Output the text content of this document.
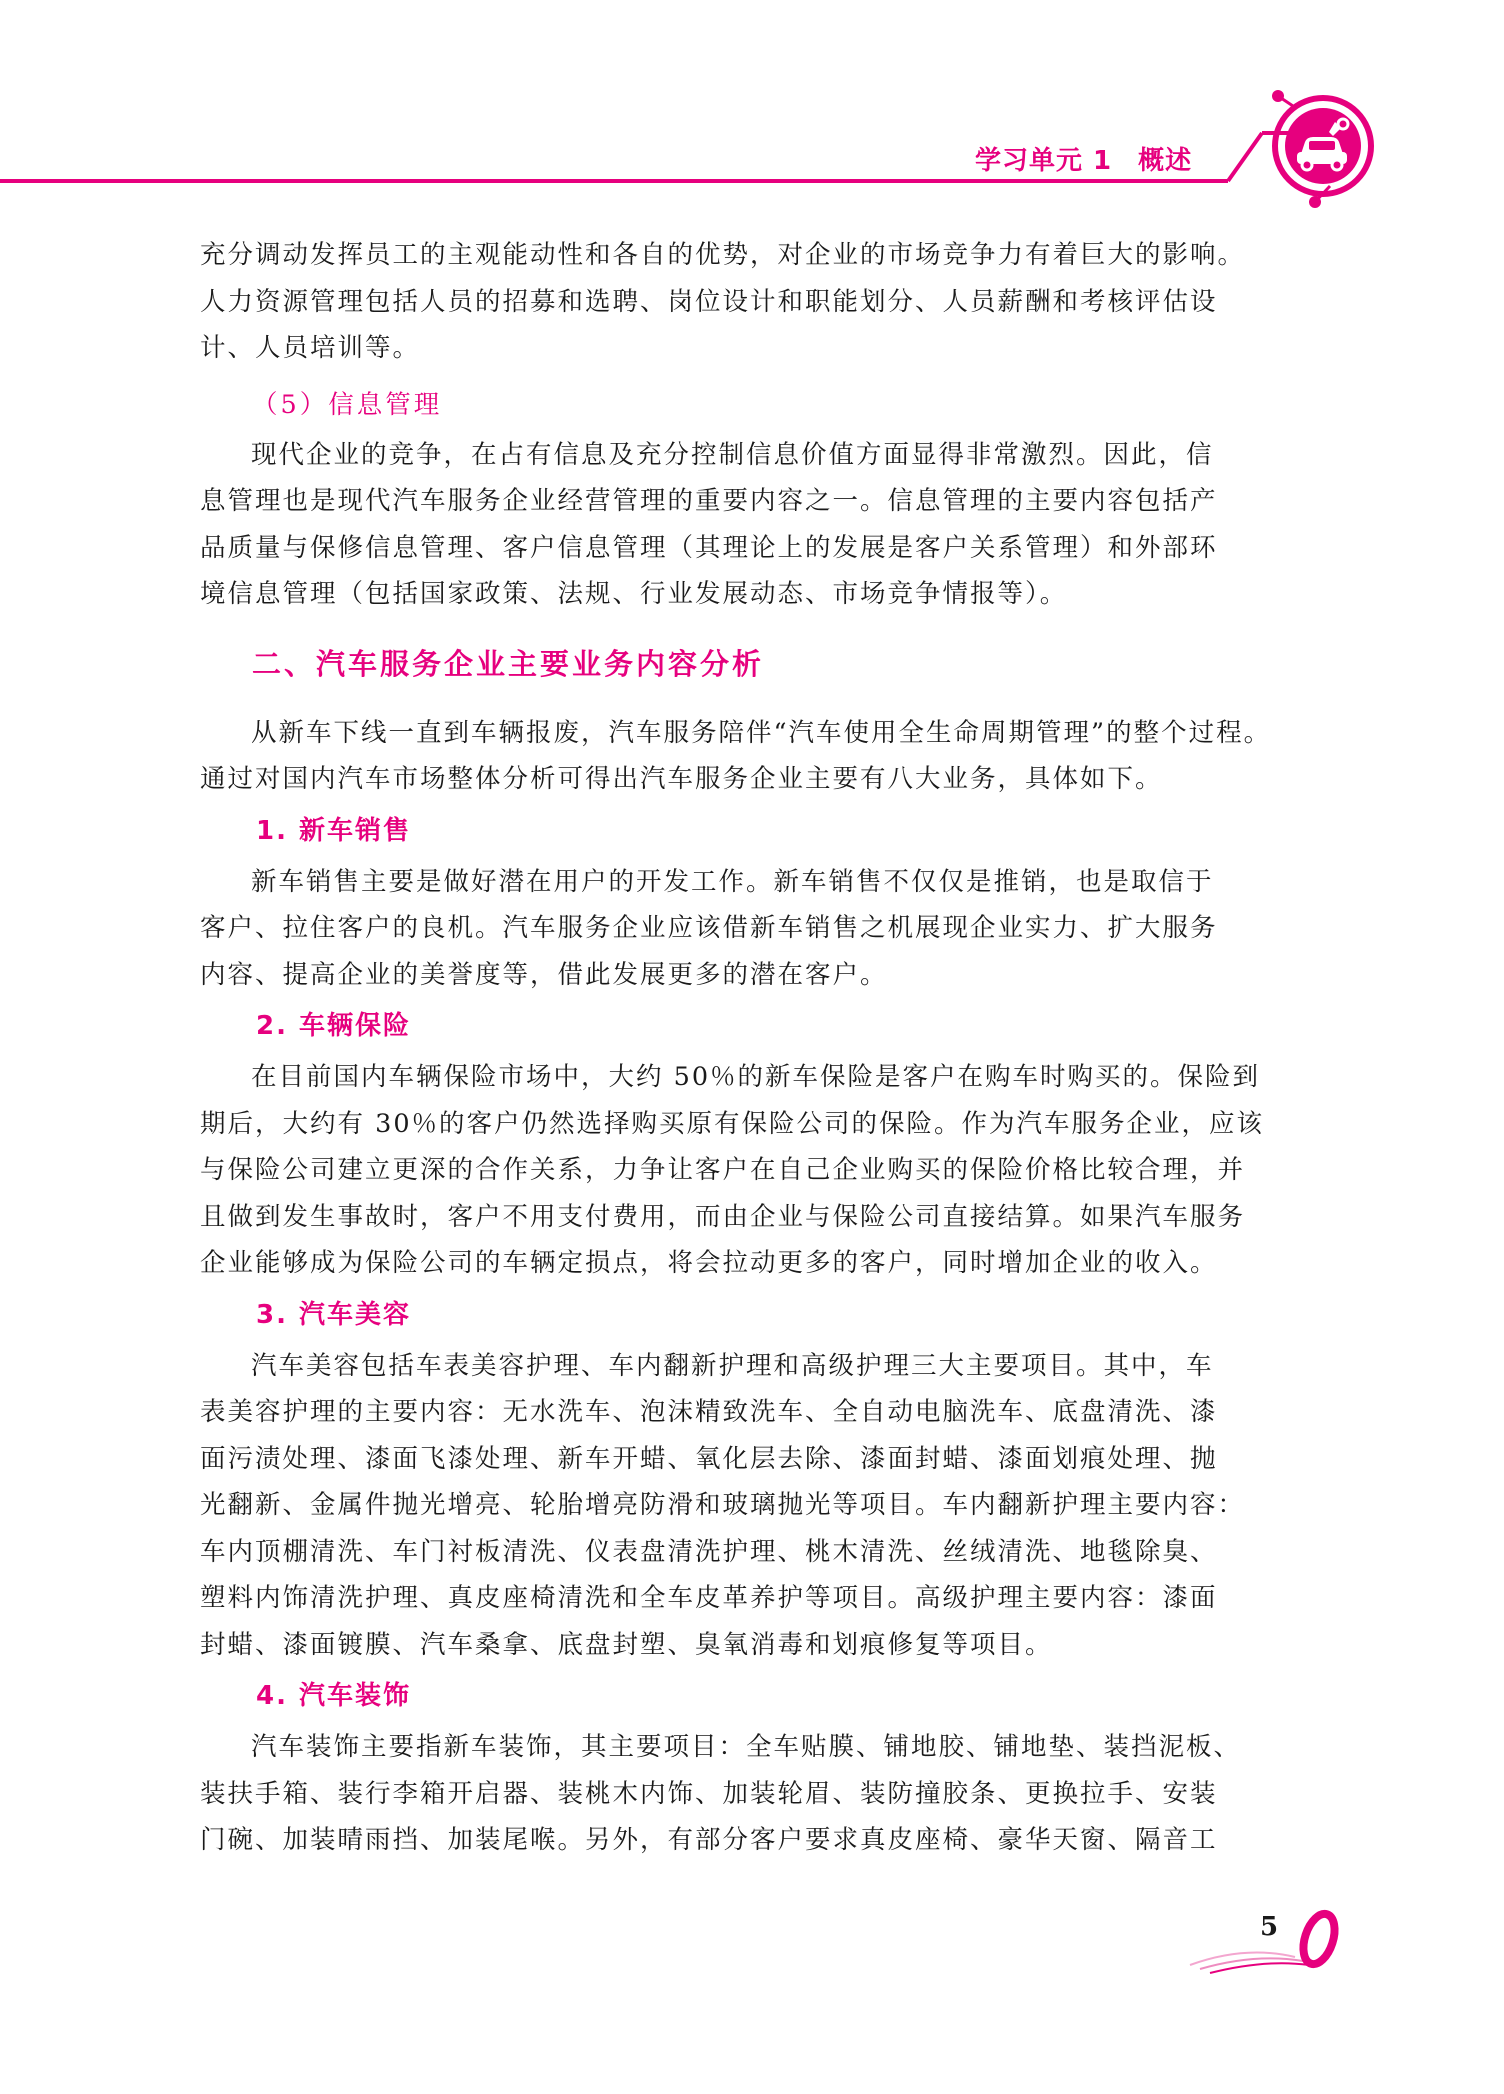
学习单元 1 概述

充分调动发挥员工的主观能动性和各自的优势，对企业的市场竞争力有着巨大的影响。
人力资源管理包括人员的招募和选聘、岗位设计和职能划分、人员薪酬和考核评估设
计、人员培训等。

（5）信息管理

现代企业的竞争，在占有信息及充分控制信息价值方面显得非常激烈。因此，信
息管理也是现代汽车服务企业经营管理的重要内容之一。信息管理的主要内容包括产
品质量与保修信息管理、客户信息管理（其理论上的发展是客户关系管理）和外部环
境信息管理（包括国家政策、法规、行业发展动态、市场竞争情报等）。

二、汽车服务企业主要业务内容分析

从新车下线一直到车辆报废，汽车服务陪伴“汽车使用全生命周期管理”的整个过程。
通过对国内汽车市场整体分析可得出汽车服务企业主要有八大业务，具体如下。

1. 新车销售

新车销售主要是做好潜在用户的开发工作。新车销售不仅仅是推销，也是取信于
客户、拉住客户的良机。汽车服务企业应该借新车销售之机展现企业实力、扩大服务
内容、提高企业的美誉度等，借此发展更多的潜在客户。

2. 车辆保险

在目前国内车辆保险市场中，大约 50％的新车保险是客户在购车时购买的。保险到
期后，大约有 30％的客户仍然选择购买原有保险公司的保险。作为汽车服务企业，应该
与保险公司建立更深的合作关系，力争让客户在自己企业购买的保险价格比较合理，并
且做到发生事故时，客户不用支付费用，而由企业与保险公司直接结算。如果汽车服务
企业能够成为保险公司的车辆定损点，将会拉动更多的客户，同时增加企业的收入。

3. 汽车美容

汽车美容包括车表美容护理、车内翻新护理和高级护理三大主要项目。其中，车
表美容护理的主要内容：无水洗车、泡沫精致洗车、全自动电脑洗车、底盘清洗、漆
面污渍处理、漆面飞漆处理、新车开蜡、氧化层去除、漆面封蜡、漆面划痕处理、抛
光翻新、金属件抛光增亮、轮胎增亮防滑和玻璃抛光等项目。车内翻新护理主要内容：
车内顶棚清洗、车门衬板清洗、仪表盘清洗护理、桃木清洗、丝绒清洗、地毯除臭、
塑料内饰清洗护理、真皮座椅清洗和全车皮革养护等项目。高级护理主要内容：漆面
封蜡、漆面镀膜、汽车桑拿、底盘封塑、臭氧消毒和划痕修复等项目。

4. 汽车装饰

汽车装饰主要指新车装饰，其主要项目：全车贴膜、铺地胶、铺地垫、装挡泥板、
装扶手箱、装行李箱开启器、装桃木内饰、加装轮眉、装防撞胶条、更换拉手、安装
门碗、加装晴雨挡、加装尾喉。另外，有部分客户要求真皮座椅、豪华天窗、隔音工

5
